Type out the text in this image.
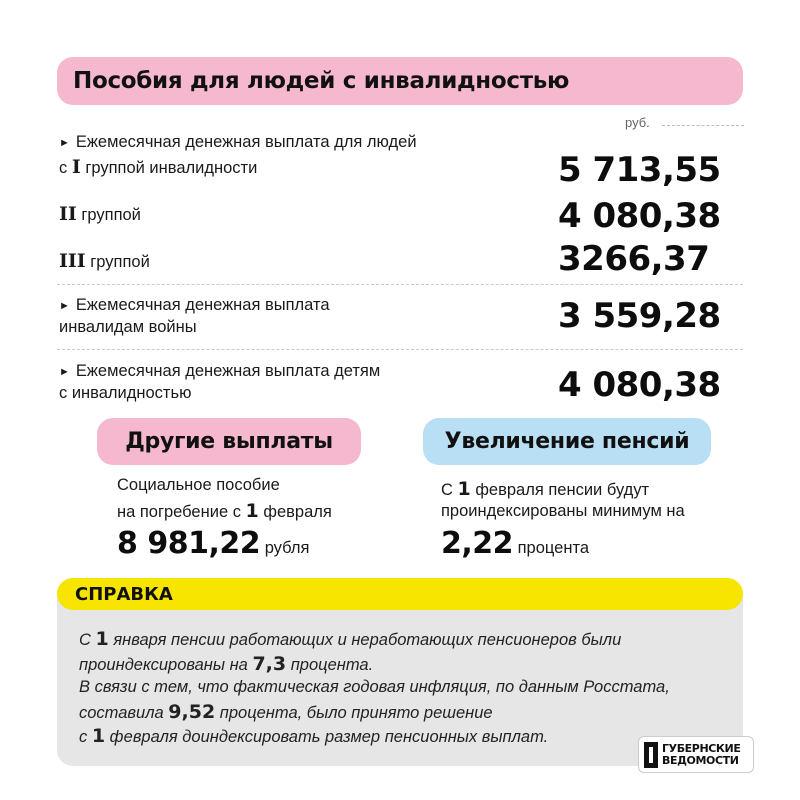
Пособия для людей с инвалидностью
руб.
► Ежемесячная денежная выплата для людей
с I группой инвалидности	5 713,55
II группой	4 080,38
III группой	3266,37
► Ежемесячная денежная выплата
инвалидам войны	3 559,28
► Ежемесячная денежная выплата детям
с инвалидностью	4 080,38
Другие выплаты
Социальное пособие
на погребение с 1 февраля
8 981,22 рубля
Увеличение пенсий
С 1 февраля пенсии будут
проиндексированы минимум на
2,22 процента
СПРАВКА
С 1 января пенсии работающих и неработающих пенсионеров были
проиндексированы на 7,3 процента.
В связи с тем, что фактическая годовая инфляция, по данным Росстата,
составила 9,52 процента, было принято решение
с 1 февраля доиндексировать размер пенсионных выплат.
ГУБЕРНСКИЕ
ВЕДОМОСТИ
